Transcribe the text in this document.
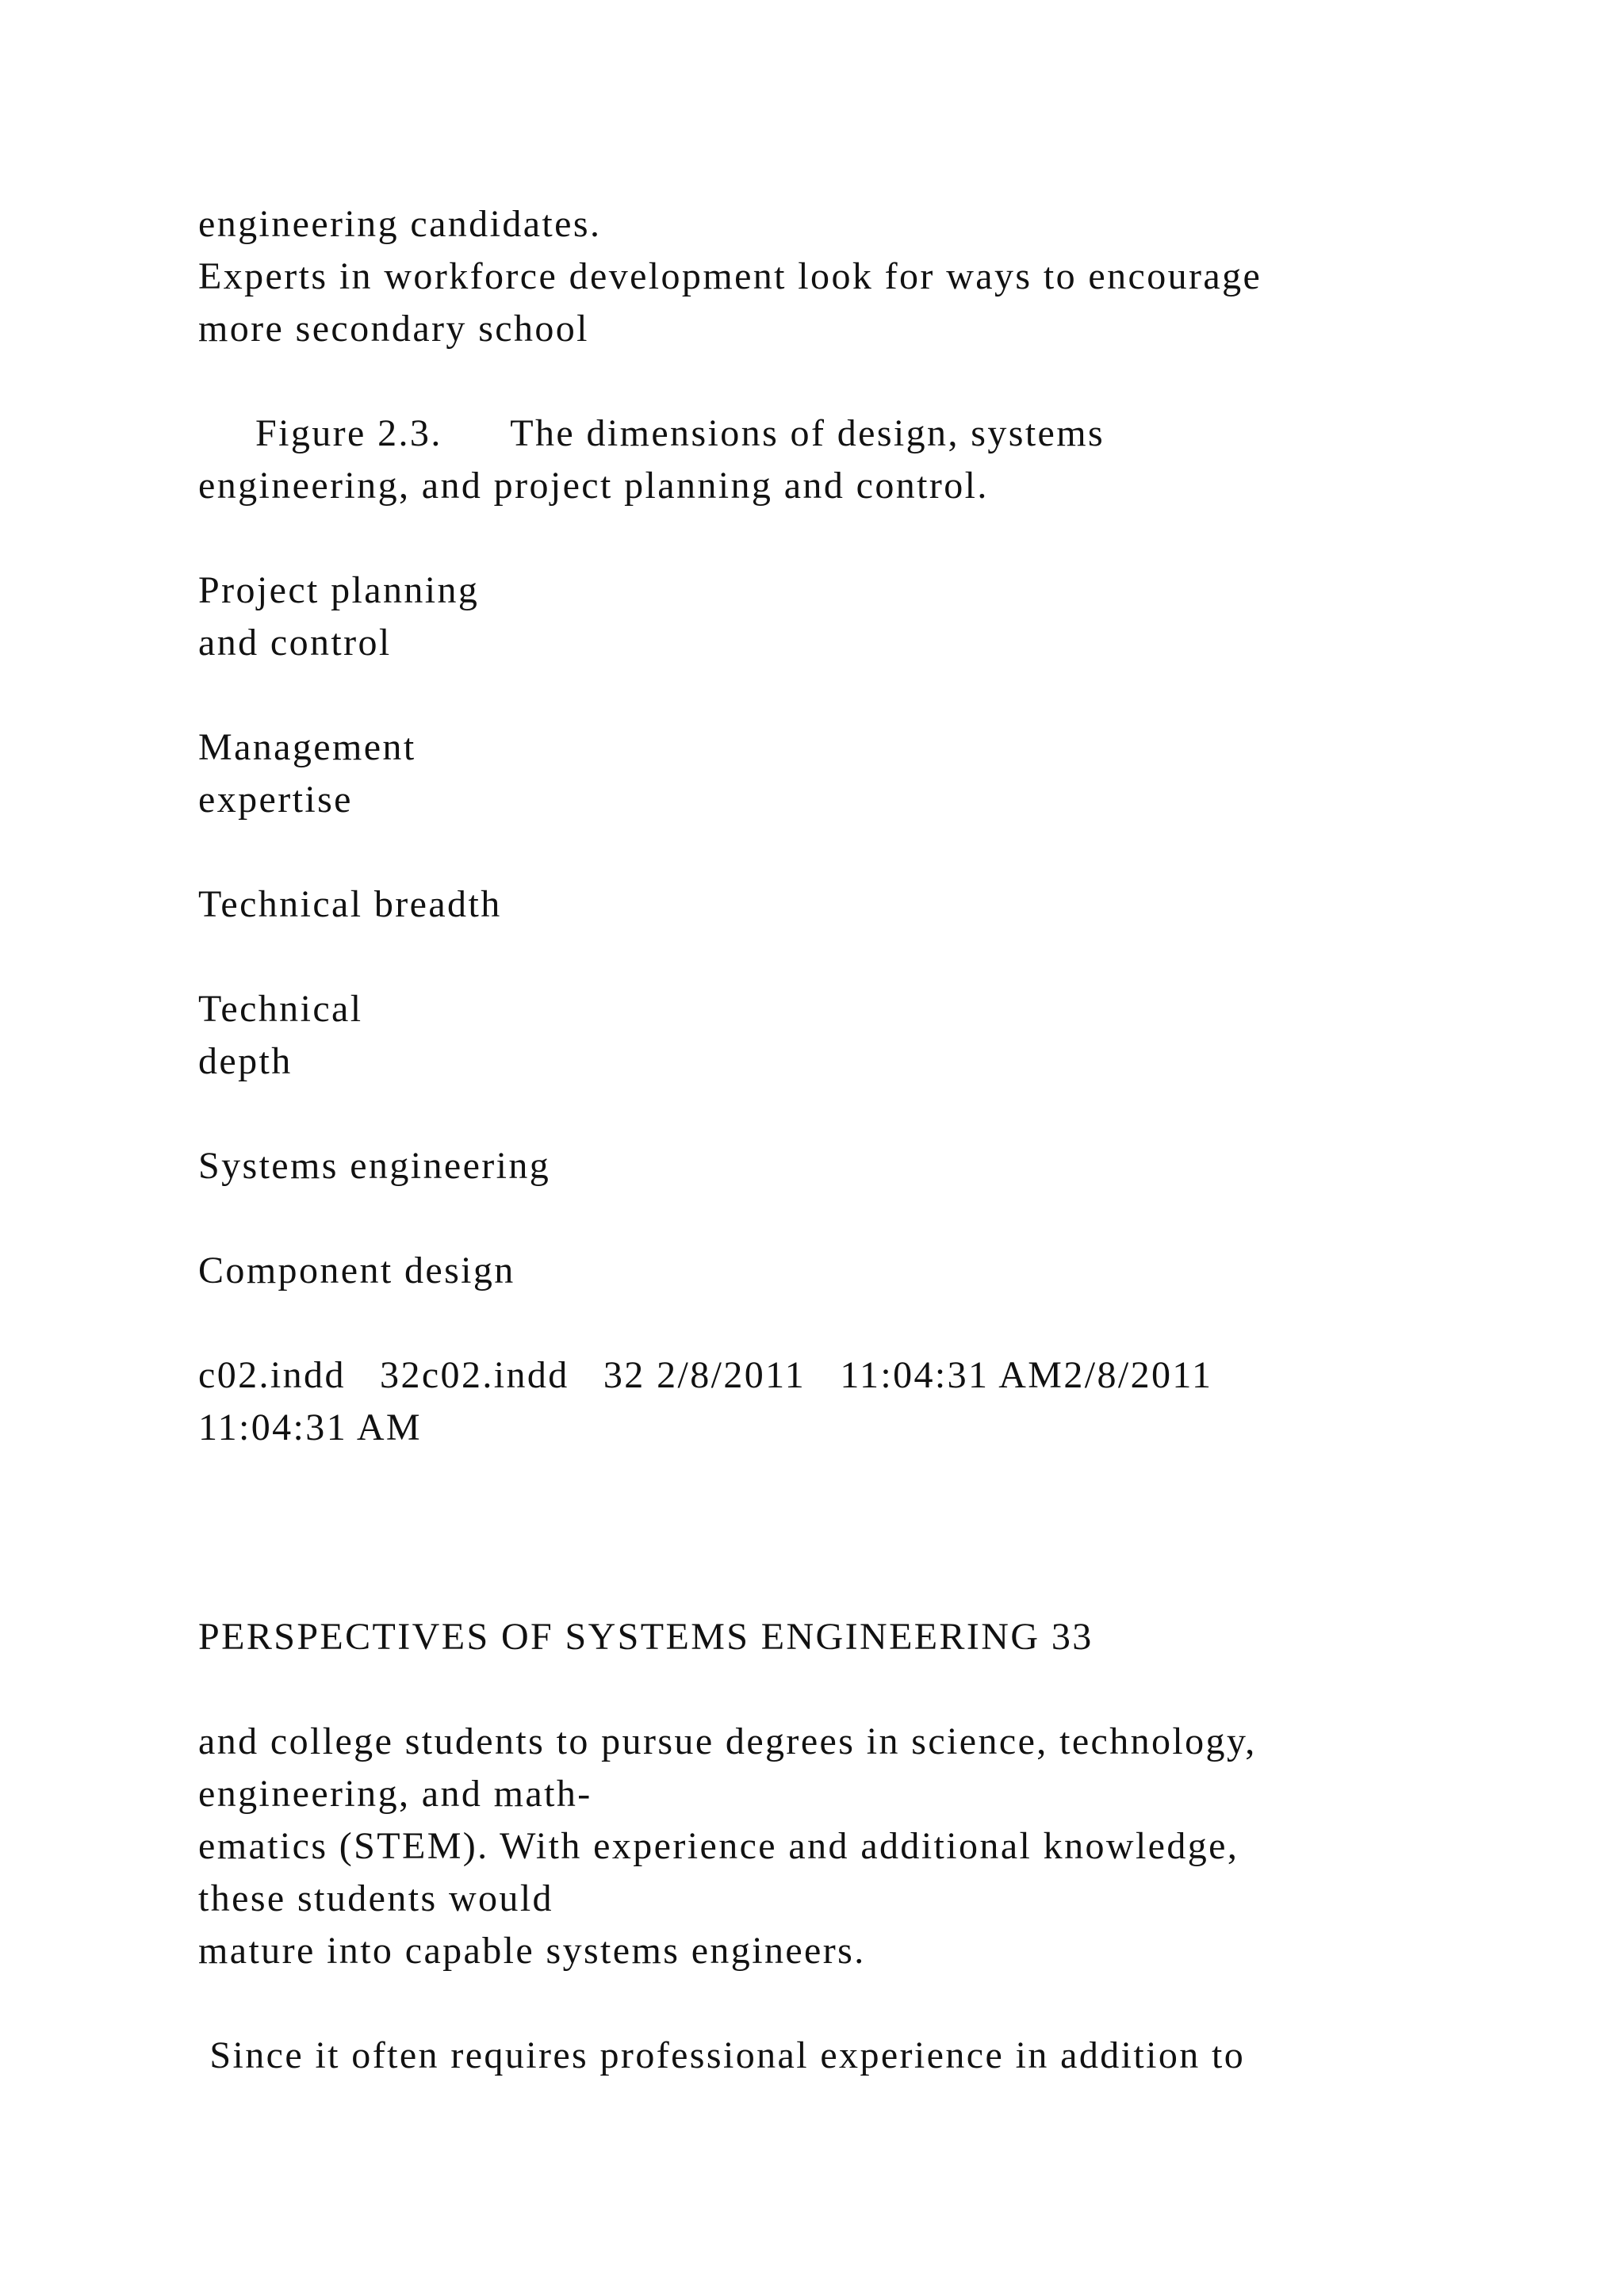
engineering candidates.

Experts in workforce development look for ways to encourage

more secondary school

Figure 2.3.      The dimensions of design, systems

engineering, and project planning and control.

Project planning

and control

Management

expertise

Technical breadth

Technical

depth

Systems engineering

Component design

c02.indd   32c02.indd   32 2/8/2011   11:04:31 AM2/8/2011

11:04:31 AM

PERSPECTIVES OF SYSTEMS ENGINEERING 33

and college students to pursue degrees in science, technology,

engineering, and math-

ematics (STEM). With experience and additional knowledge,

these students would

mature into capable systems engineers.

Since it often requires professional experience in addition to
